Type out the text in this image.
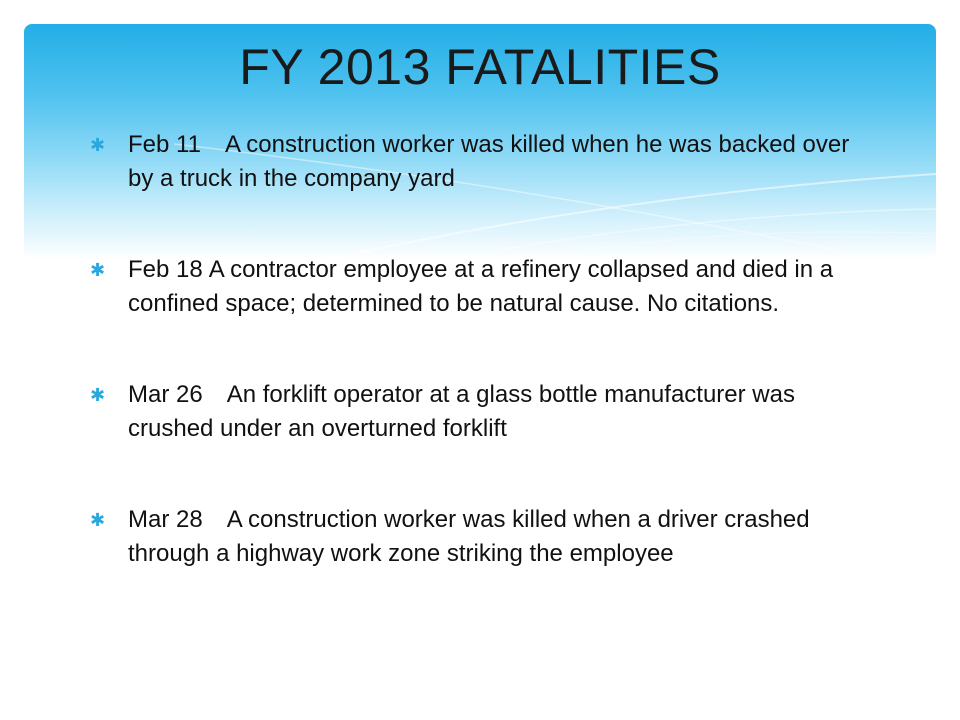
FY 2013 FATALITIES
✱ Feb 11 A construction worker was killed when he was backed over by a truck in the company yard
✱ Feb 18 A contractor employee at a refinery collapsed and died in a confined space; determined to be natural cause. No citations.
✱ Mar 26 An forklift operator at a glass bottle manufacturer was crushed under an overturned forklift
✱ Mar 28 A construction worker was killed when a driver crashed through a highway work zone striking the employee
